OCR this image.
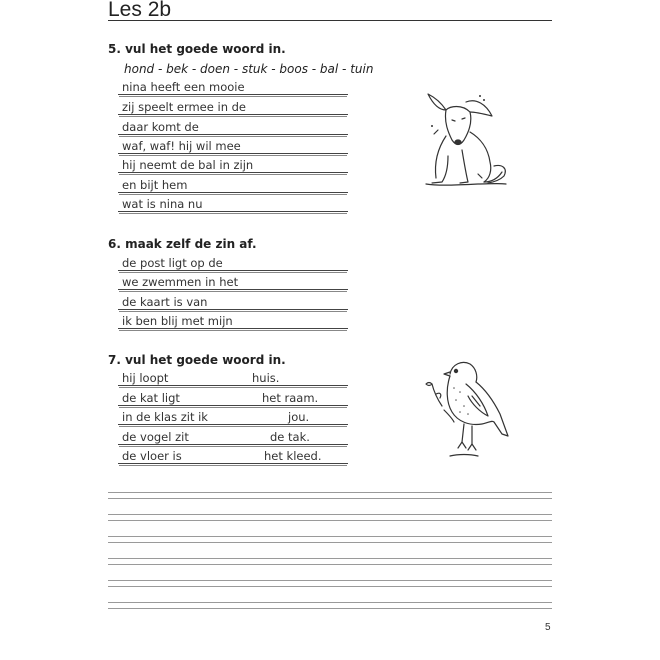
Les 2b
5. vul het goede woord in.
hond - bek - doen - stuk - boos - bal - tuin
nina heeft een mooie
zij speelt ermee in de
daar komt de
waf, waf! hij wil mee
hij neemt de bal in zijn
en bijt hem
wat is nina nu
6. maak zelf de zin af.
de post ligt op de
we zwemmen in het
de kaart is van
ik ben blij met mijn
7. vul het goede woord in.
hij loopt	huis.
de kat ligt	het raam.
in de klas zit ik	jou.
de vogel zit	de tak.
de vloer is	het kleed.
5
